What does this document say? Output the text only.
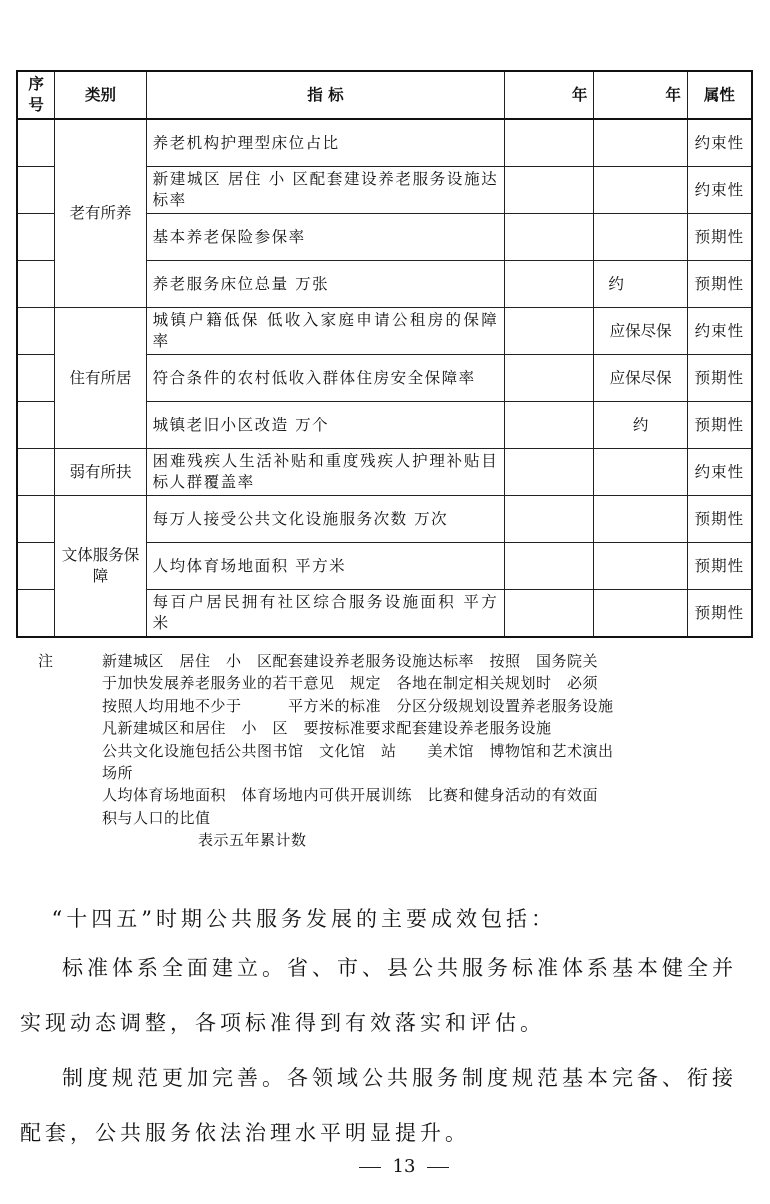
序号	类别	指 标	年	年	属性
	老有所养	养老机构护理型床位占比			约束性
		新建城区 居住 小 区配套建设养老服务设施达标率			约束性
		基本养老保险参保率			预期性
		养老服务床位总量 万张		约	预期性
	住有所居	城镇户籍低保 低收入家庭申请公租房的保障率		应保尽保	约束性
		符合条件的农村低收入群体住房安全保障率		应保尽保	预期性
		城镇老旧小区改造 万个		约	预期性
	弱有所扶	困难残疾人生活补贴和重度残疾人护理补贴目标人群覆盖率			约束性
	文体服务保障	每万人接受公共文化设施服务次数 万次			预期性
		人均体育场地面积 平方米			预期性
		每百户居民拥有社区综合服务设施面积 平方米			预期性
注	新建城区　居住　小　区配套建设养老服务设施达标率　按照　国务院关
于加快发展养老服务业的若干意见　规定　各地在制定相关规划时　必须
按照人均用地不少于　　　平方米的标准　分区分级规划设置养老服务设施
凡新建城区和居住　小　区　要按标准要求配套建设养老服务设施
公共文化设施包括公共图书馆　文化馆　站　　美术馆　博物馆和艺术演出
场所
人均体育场地面积　体育场地内可供开展训练　比赛和健身活动的有效面
积与人口的比值
表示五年累计数

“十四五”时期公共服务发展的主要成效包括：

标准体系全面建立。省、市、县公共服务标准体系基本健全并实现动态调整，各项标准得到有效落实和评估。

制度规范更加完善。各领域公共服务制度规范基本完备、衔接配套，公共服务依法治理水平明显提升。

13
